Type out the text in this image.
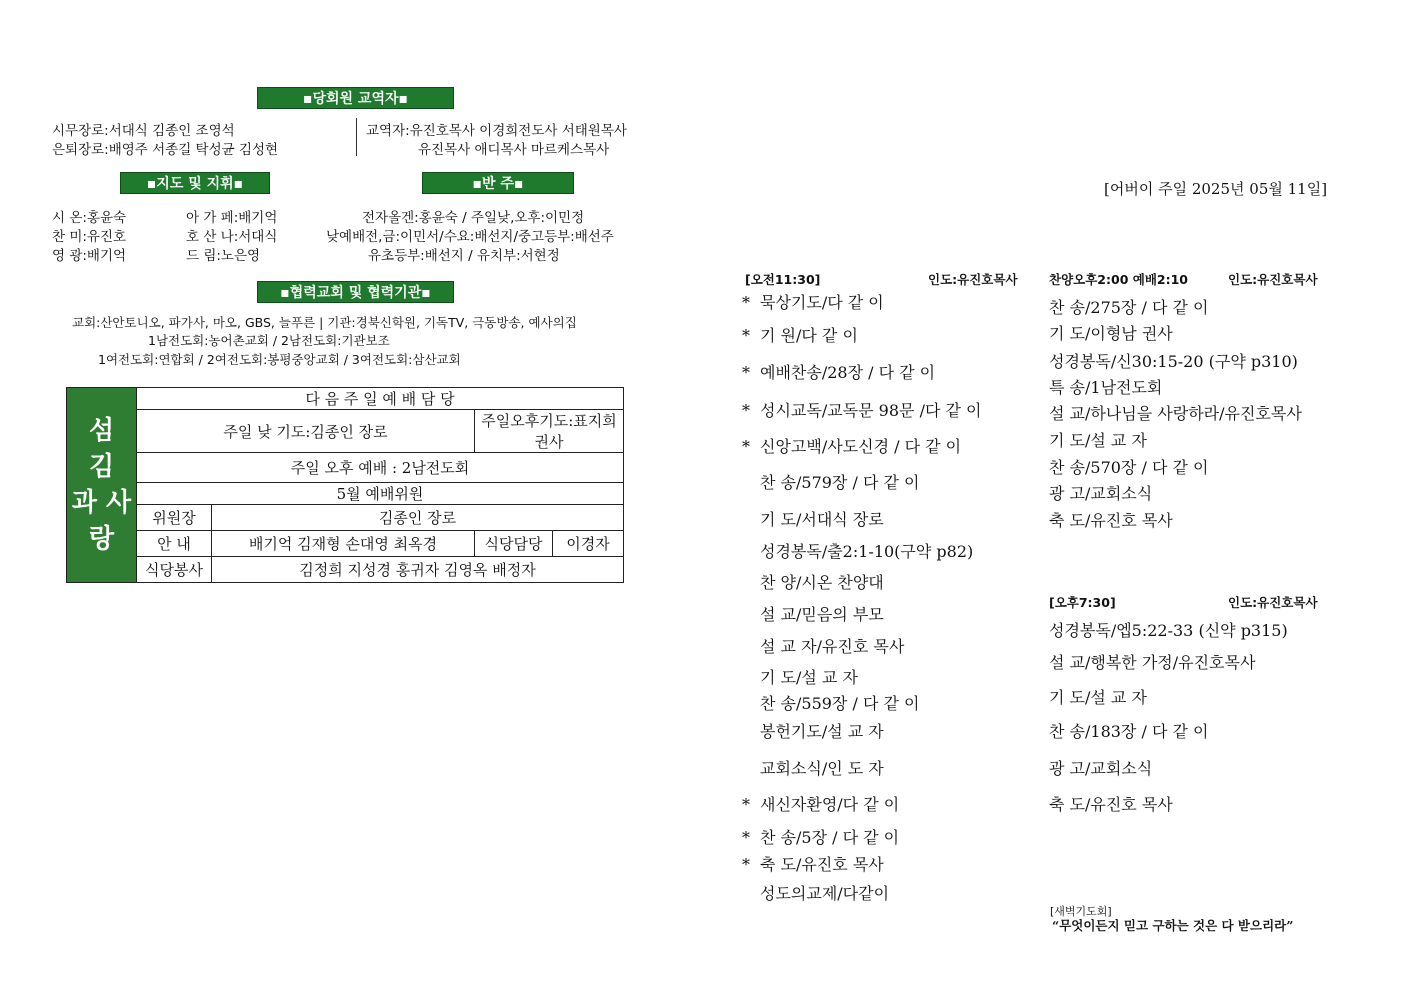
▪당회원 교역자▪
시무장로:서대식 김종인 조영석
은퇴장로:배영주 서종길 탁성균 김성현
교역자:유진호목사 이경희전도사 서태원목사
유진목사 애디목사 마르케스목사
▪지도 및 지휘▪	▪반 주▪
시 온:홍윤숙	아 가 페:배기억
찬 미:유진호	호 산 나:서대식
영 광:배기억	드 림:노은영
전자올겐:홍윤숙 / 주일낮,오후:이민정
낮예배전,금:이민서/수요:배선지/중고등부:배선주
유초등부:배선지 / 유치부:서현정
▪협력교회 및 협력기관▪
교회:산안토니오, 파가사, 마오, GBS, 늘푸른 | 기관:경북신학원, 기독TV, 극동방송, 예사의집
1남전도회:농어촌교회 / 2남전도회:기관보조
1여전도회:연합회 / 2여전도회:봉평중앙교회 / 3여전도회:삼산교회
섬
김
과 사
랑	다 음 주 일 예 배 담 당			
	주일 낮 기도:김종인 장로		주일오후기도:표지희 권사	
	주일 오후 예배 : 2남전도회			
	5월 예배위원			
	위원장	김종인 장로		
	안 내	배기억 김재형 손대영 최옥경	식당담당	이경자
	식당봉사	김정희 지성경 홍귀자 김영옥 배정자		
[어버이 주일 2025년 05월 11일]
[오전11:30]	인도:유진호목사
*묵상기도/다 같 이
*기 원/다 같 이
*예배찬송/28장 / 다 같 이
*성시교독/교독문 98문 /다 같 이
*신앙고백/사도신경 / 다 같 이
찬 송/579장 / 다 같 이
기 도/서대식 장로
성경봉독/출2:1-10(구약 p82)
찬 양/시온 찬양대
설 교/믿음의 부모
설 교 자/유진호 목사
기 도/설 교 자
찬 송/559장 / 다 같 이
봉헌기도/설 교 자
교회소식/인 도 자
*새신자환영/다 같 이
*찬 송/5장 / 다 같 이
*축 도/유진호 목사
성도의교제/다같이
찬양오후2:00 예배2:10	인도:유진호목사
찬 송/275장 / 다 같 이
기 도/이형남 권사
성경봉독/신30:15-20 (구약 p310)
특 송/1남전도회
설 교/하나님을 사랑하라/유진호목사
기 도/설 교 자
찬 송/570장 / 다 같 이
광 고/교회소식
축 도/유진호 목사
[오후7:30]	인도:유진호목사
성경봉독/엡5:22-33 (신약 p315)
설 교/행복한 가정/유진호목사
기 도/설 교 자
찬 송/183장 / 다 같 이
광 고/교회소식
축 도/유진호 목사
[새벽기도회]
“무엇이든지 믿고 구하는 것은 다 받으리라”
